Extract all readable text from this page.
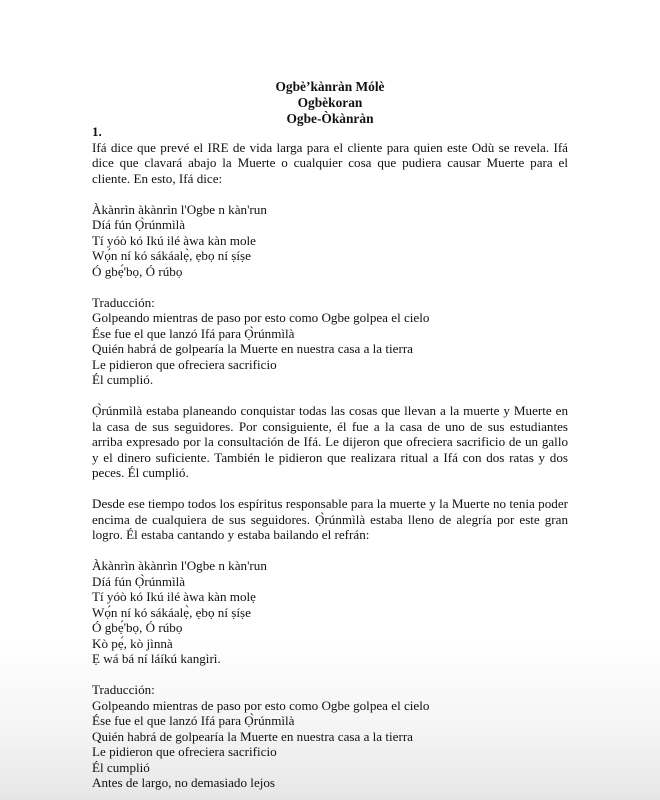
Ogbè’kànràn Mólè
Ogbèkoran
Ogbe-Òkànràn

1.

Ifá dice que prevé el IRE de vida larga para el cliente para quien este Odù se revela. Ifá dice que clavará abajo la Muerte o cualquier cosa que pudiera causar Muerte para el cliente. En esto, Ifá dice:

Àkànrìn àkànrìn l'Ogbe n kàn'run
Díá fún Ọ̀rúnmìlà
Tí yóò kó Ikú ilé àwa kàn mole
Wọ́n ní kó sákáalẹ̀, ẹbọ ní ṣíṣe
Ó gbẹ́'bọ, Ó rúbọ
Traducción:
Golpeando mientras de paso por esto como Ogbe golpea el cielo
Ése fue el que lanzó Ifá para Ọ̀rúnmìlà
Quién habrá de golpearía la Muerte en nuestra casa a la tierra
Le pidieron que ofreciera sacrificio
Él cumplió.

Ọ̀rúnmìlà estaba planeando conquistar todas las cosas que llevan a la muerte y Muerte en la casa de sus seguidores. Por consiguiente, él fue a la casa de uno de sus estudiantes arriba expresado por la consultación de Ifá. Le dijeron que ofreciera sacrificio de un gallo y el dinero suficiente. También le pidieron que realizara ritual a Ifá con dos ratas y dos peces. Él cumplió.

Desde ese tiempo todos los espíritus responsable para la muerte y la Muerte no tenia poder encima de cualquiera de sus seguidores. Ọ̀rúnmìlà estaba lleno de alegría por este gran logro. Él estaba cantando y estaba bailando el refrán:

Àkànrìn àkànrìn l'Ogbe n kàn'run
Díá fún Ọ̀rúnmìlà
Tí yóò kó Ikú ilé àwa kàn molẹ
Wọ́n ní kó sákáalẹ̀, ẹbọ ní ṣíṣe
Ó gbẹ́'bọ, Ó rúbọ
Kò pẹ́, kò jìnnà
Ẹ wá bá ní láíkú kangìrì.
Traducción:
Golpeando mientras de paso por esto como Ogbe golpea el cielo
Ése fue el que lanzó Ifá para Ọ̀rúnmìlà
Quién habrá de golpearía la Muerte en nuestra casa a la tierra
Le pidieron que ofreciera sacrificio
Él cumplió
Antes de largo, no demasiado lejos
